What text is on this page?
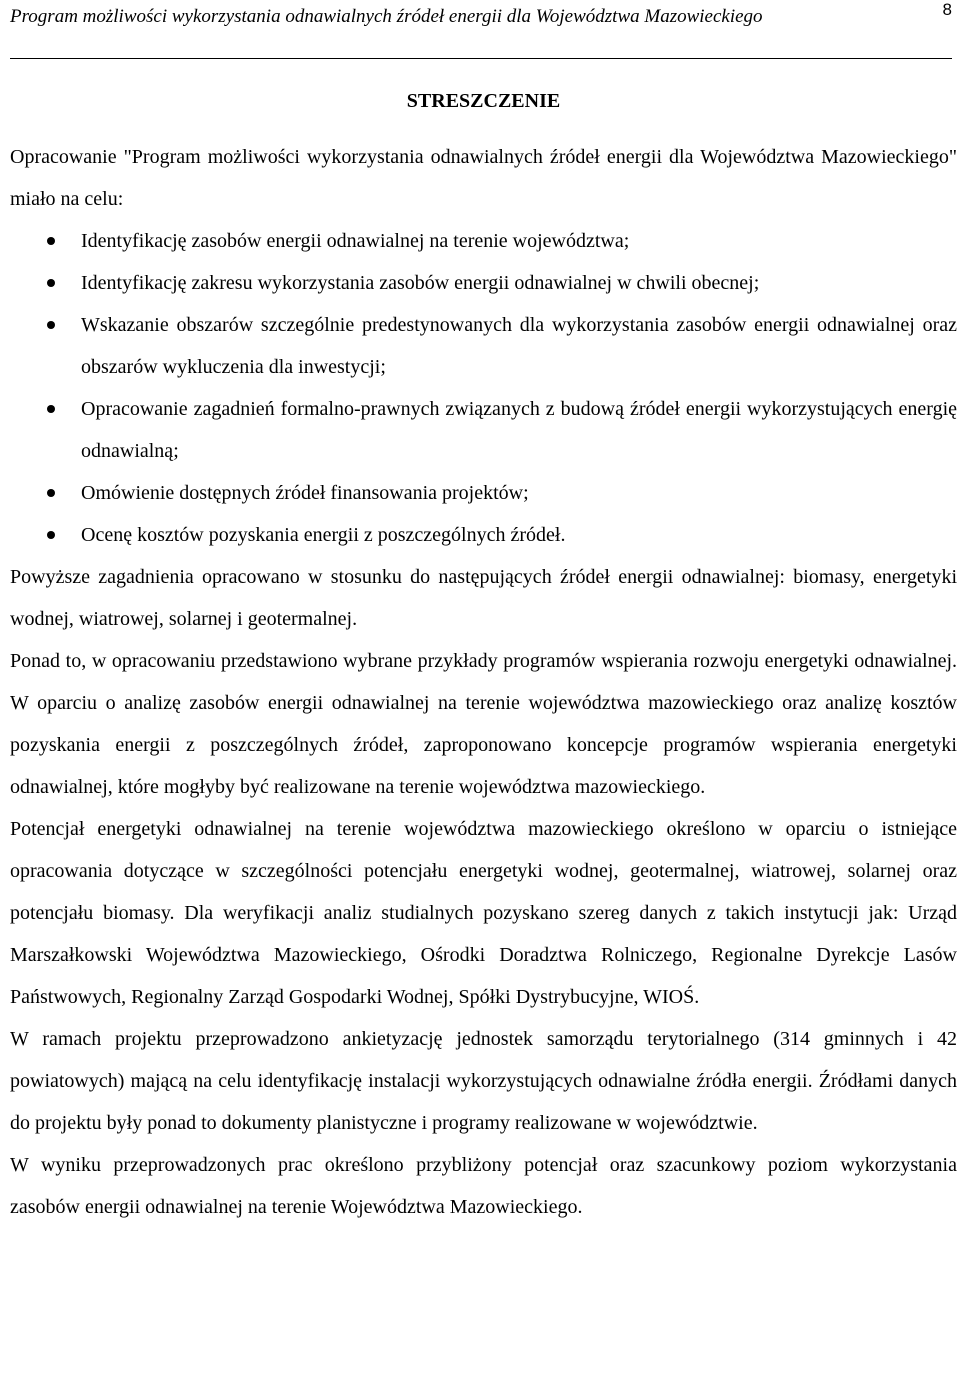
Program możliwości wykorzystania odnawialnych źródeł energii dla Województwa Mazowieckiego	8
STRESZCZENIE

Opracowanie "Program możliwości wykorzystania odnawialnych źródeł energii dla Województwa Mazowieckiego" miało na celu:

Identyfikację zasobów energii odnawialnej na terenie województwa;
Identyfikację zakresu wykorzystania zasobów energii odnawialnej w chwili obecnej;
Wskazanie obszarów szczególnie predestynowanych dla wykorzystania zasobów energii odnawialnej oraz obszarów wykluczenia dla inwestycji;
Opracowanie zagadnień formalno-prawnych związanych z budową źródeł energii wykorzystujących energię odnawialną;
Omówienie dostępnych źródeł finansowania projektów;
Ocenę kosztów pozyskania energii z poszczególnych źródeł.

Powyższe zagadnienia opracowano w stosunku do następujących źródeł energii odnawialnej: biomasy, energetyki wodnej, wiatrowej, solarnej i geotermalnej.

Ponad to, w opracowaniu przedstawiono wybrane przykłady programów wspierania rozwoju energetyki odnawialnej. W oparciu o analizę zasobów energii odnawialnej na terenie województwa mazowieckiego oraz analizę kosztów pozyskania energii z poszczególnych źródeł, zaproponowano koncepcje programów wspierania energetyki odnawialnej, które mogłyby być realizowane na terenie województwa mazowieckiego.

Potencjał energetyki odnawialnej na terenie województwa mazowieckiego określono w oparciu o istniejące opracowania dotyczące w szczególności potencjału energetyki wodnej, geotermalnej, wiatrowej, solarnej oraz potencjału biomasy. Dla weryfikacji analiz studialnych pozyskano szereg danych z takich instytucji jak: Urząd Marszałkowski Województwa Mazowieckiego, Ośrodki Doradztwa Rolniczego, Regionalne Dyrekcje Lasów Państwowych, Regionalny Zarząd Gospodarki Wodnej, Spółki Dystrybucyjne, WIOŚ.

W ramach projektu przeprowadzono ankietyzację jednostek samorządu terytorialnego (314 gminnych i 42 powiatowych) mającą na celu identyfikację instalacji wykorzystujących odnawialne źródła energii. Źródłami danych do projektu były ponad to dokumenty planistyczne i programy realizowane w województwie.

W wyniku przeprowadzonych prac określono przybliżony potencjał oraz szacunkowy poziom wykorzystania zasobów energii odnawialnej na terenie Województwa Mazowieckiego.
